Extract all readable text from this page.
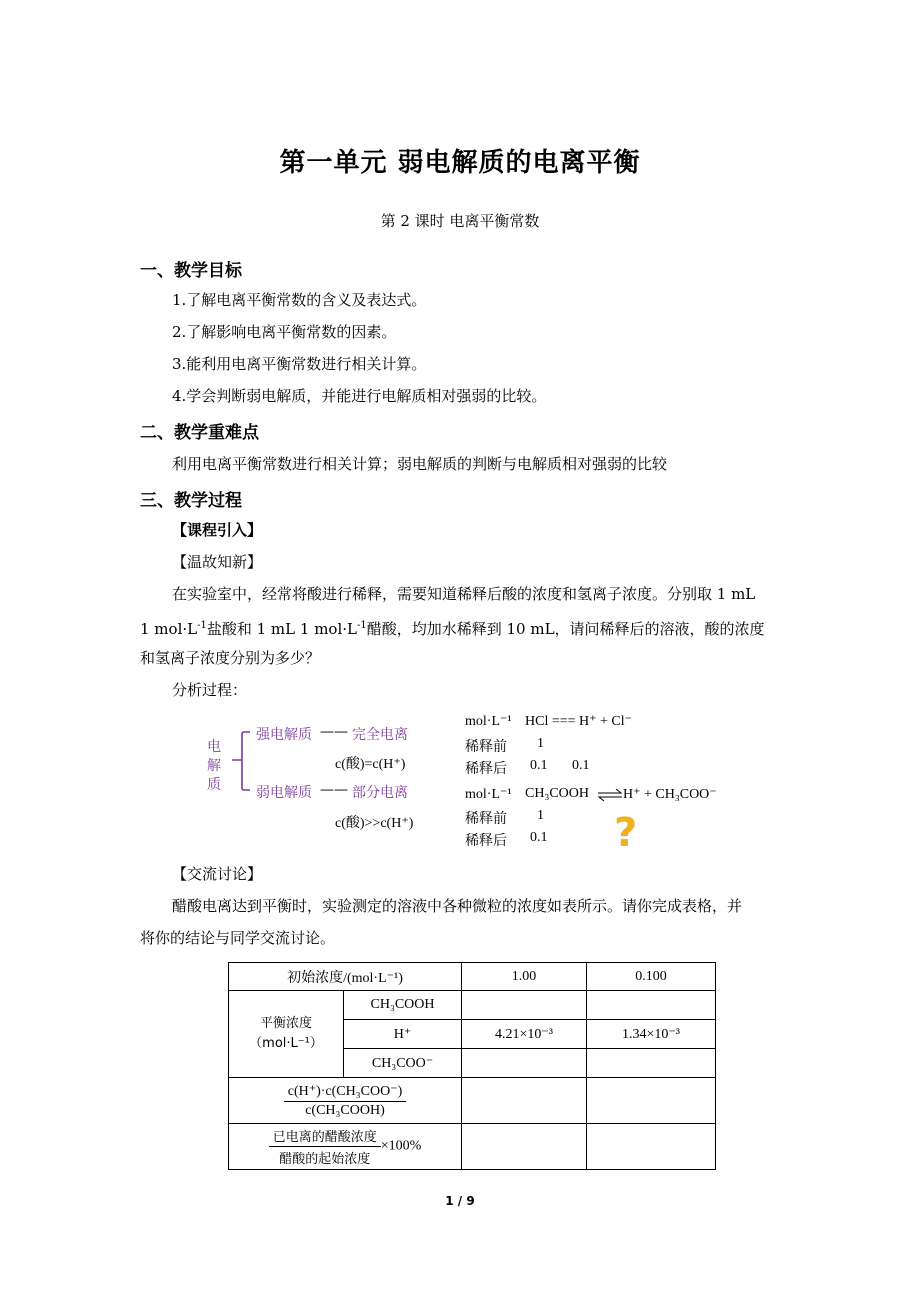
第一单元 弱电解质的电离平衡
第 2 课时 电离平衡常数
一、教学目标
1.了解电离平衡常数的含义及表达式。
2.了解影响电离平衡常数的因素。
3.能利用电离平衡常数进行相关计算。
4.学会判断弱电解质，并能进行电解质相对强弱的比较。
二、教学重难点
利用电离平衡常数进行相关计算；弱电解质的判断与电解质相对强弱的比较
三、教学过程
【课程引入】
【温故知新】
在实验室中，经常将酸进行稀释，需要知道稀释后酸的浓度和氢离子浓度。分别取 1 mL
1 $mol\cdot L^{-1}$盐酸和 1 mL 1 $mol\cdot L^{-1}$醋酸，均加水稀释到 10 mL，请问稀释后的溶液，酸的浓度
和氢离子浓度分别为多少？
分析过程：
电
解
质
强电解质 —— 完全电离
c(酸)=c(H⁺)
弱电解质 —— 部分电离
c(酸)>>c(H⁺)
mol·L⁻¹ HCl === H⁺ + Cl⁻
稀释前 1
稀释后 0.1 0.1
mol·L⁻¹ CH₃COOH ⇌ H⁺ + CH₃COO⁻
稀释前 1
稀释后 0.1 ?
【交流讨论】
醋酸电离达到平衡时，实验测定的溶液中各种微粒的浓度如表所示。请你完成表格，并
将你的结论与同学交流讨论。
初始浓度/(mol·L⁻¹)		1.00	0.100

平衡浓度
（mol·L⁻¹）	CH₃COOH		
	H⁺	4.21×10⁻³	1.34×10⁻³
	CH₃COO⁻		

$\frac{\text{c(H⁺)·c(CH₃COO⁻)}}{\text{c(CH₃COOH)}}$

$\frac{\text{已电离的醋酸浓度}}{\text{醋酸的起始浓度}} \times 100\%$			
1 / 9
